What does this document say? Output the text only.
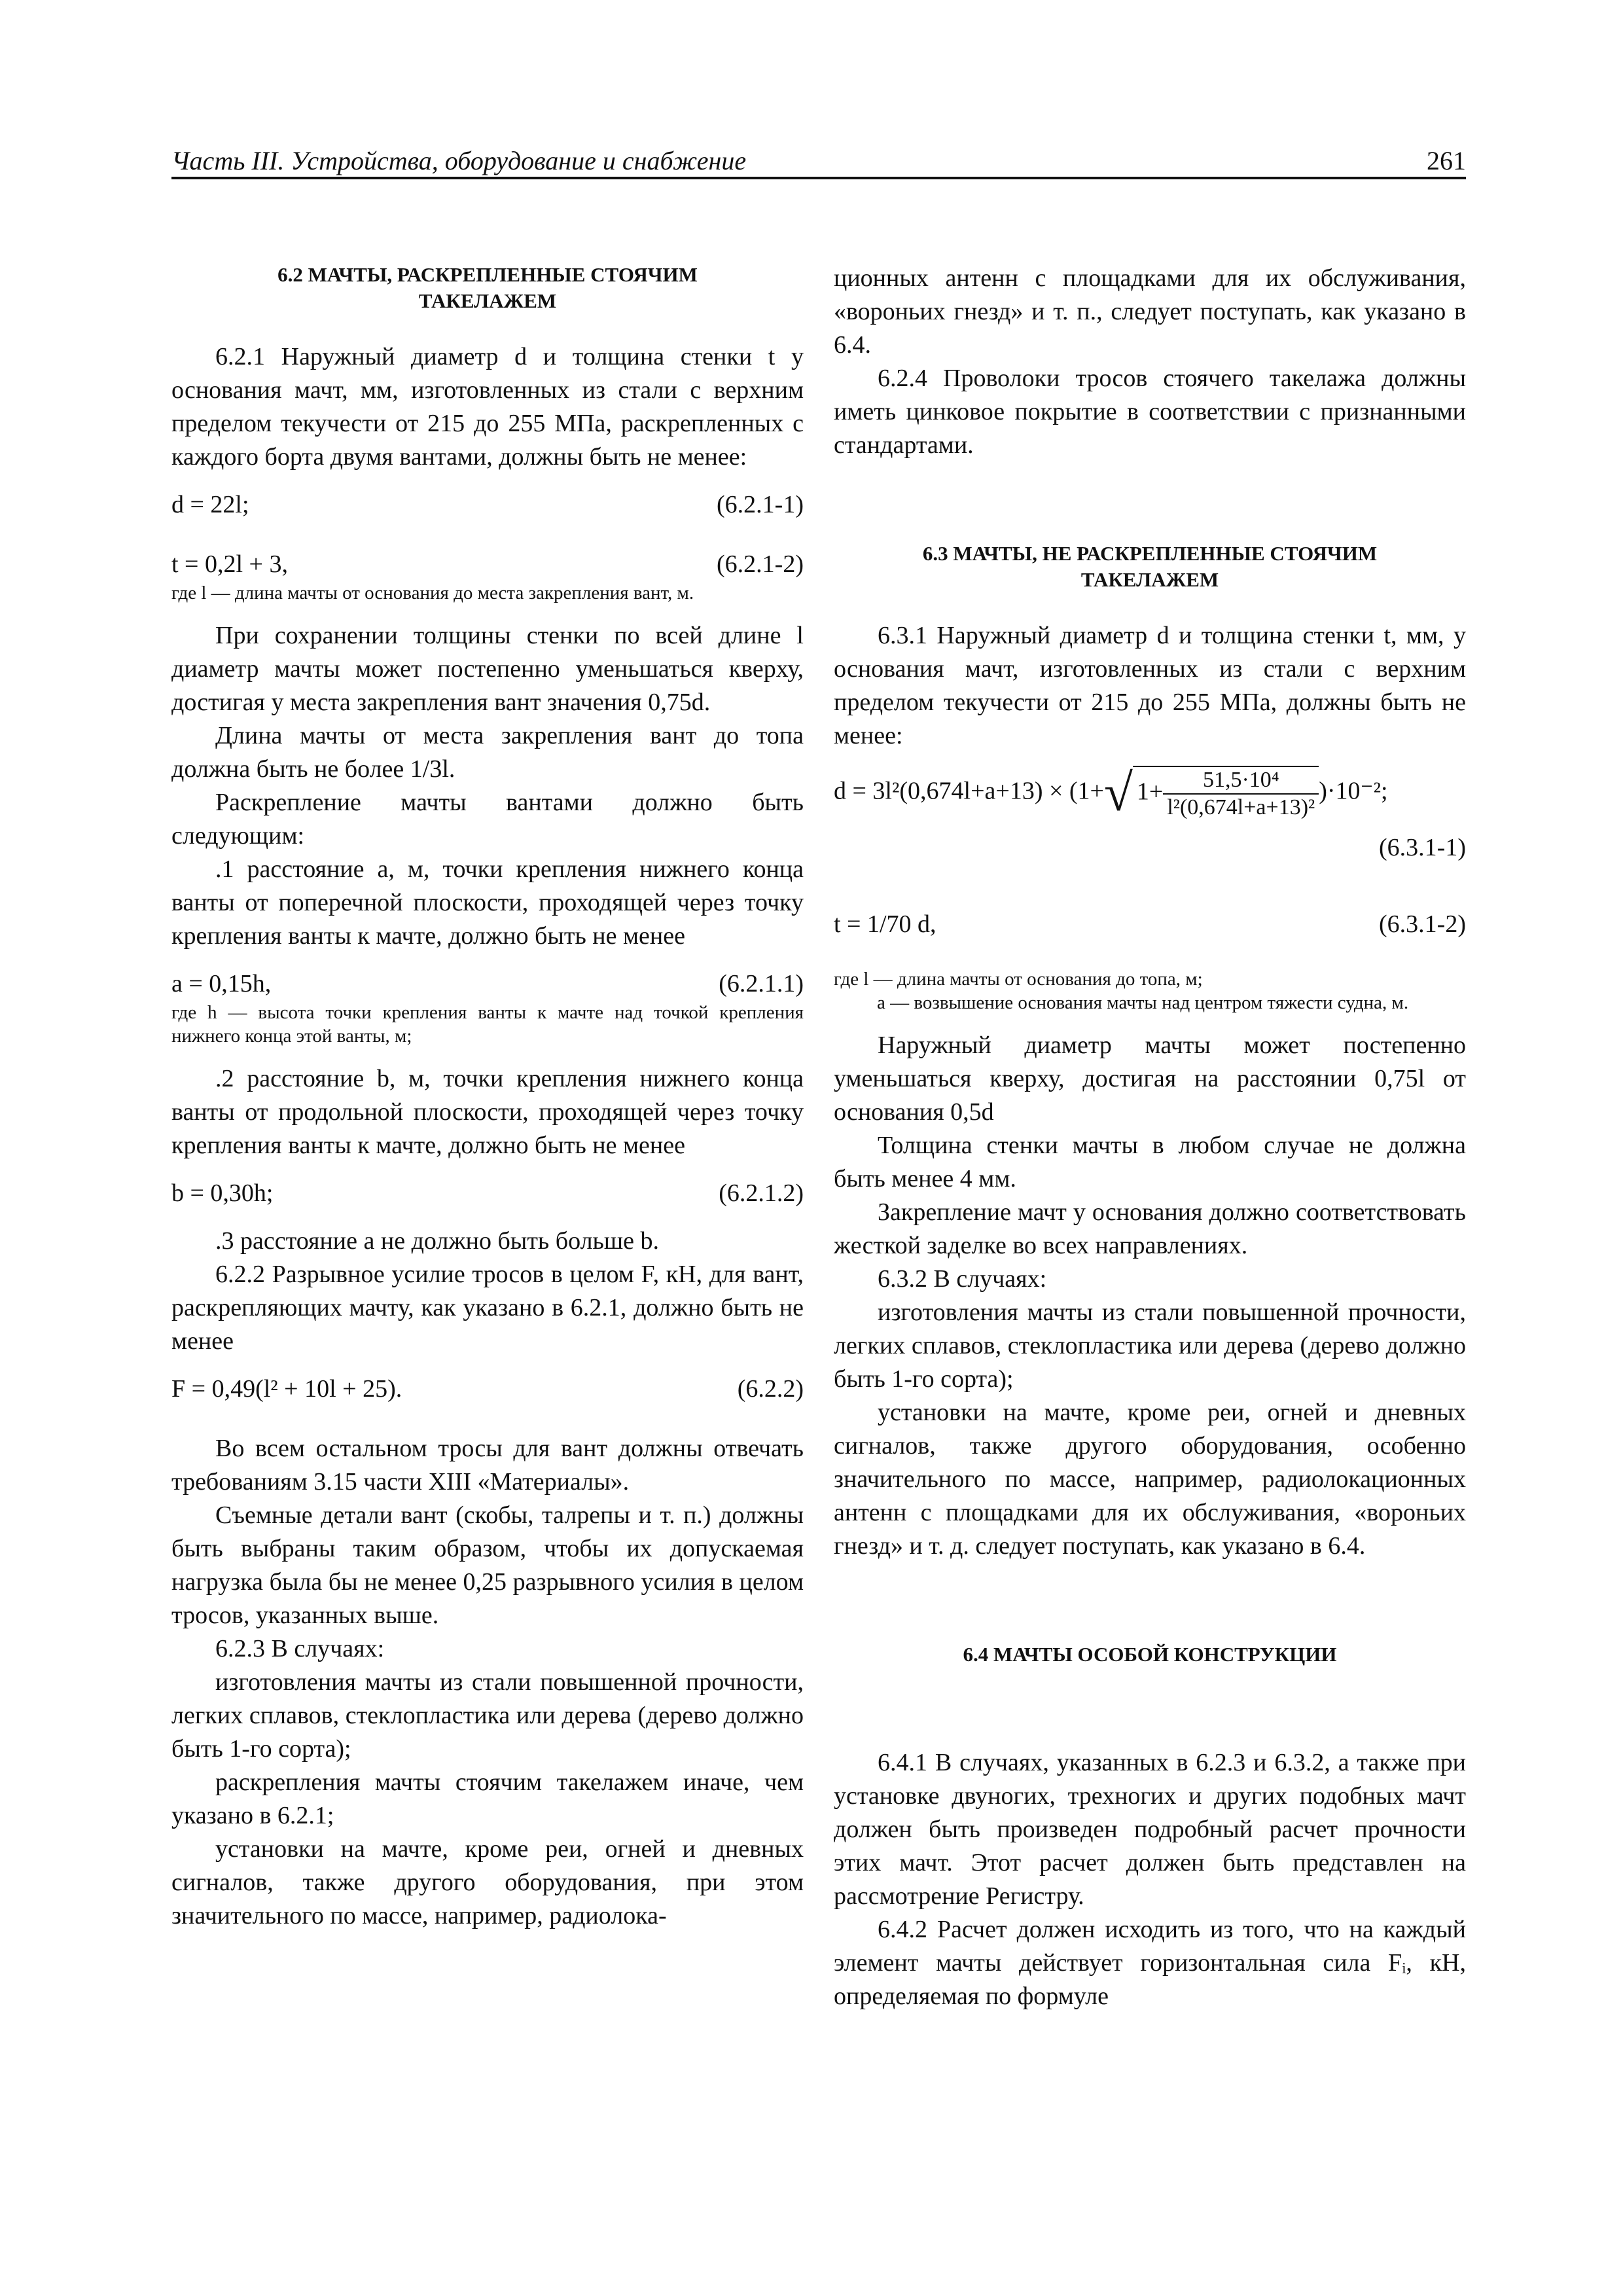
Часть III. Устройства, оборудование и снабжение	261
6.2 МАЧТЫ, РАСКРЕПЛЕННЫЕ СТОЯЧИМ ТАКЕЛАЖЕМ

6.2.1 Наружный диаметр d и толщина стенки t у основания мачт, мм, изготовленных из стали с верхним пределом текучести от 215 до 255 МПа, раскрепленных с каждого борта двумя вантами, должны быть не менее:

d = 22l;	(6.2.1-1)
t = 0,2l + 3,	(6.2.1-2)
где l — длина мачты от основания до места закрепления вант, м.

При сохранении толщины стенки по всей длине l диаметр мачты может постепенно уменьшаться кверху, достигая у места закрепления вант значения 0,75d.

Длина мачты от места закрепления вант до топа должна быть не более 1/3l.

Раскрепление мачты вантами должно быть следующим:

.1 расстояние a, м, точки крепления нижнего конца ванты от поперечной плоскости, проходящей через точку крепления ванты к мачте, должно быть не менее

a = 0,15h,	(6.2.1.1)
где h — высота точки крепления ванты к мачте над точкой крепления нижнего конца этой ванты, м;

.2 расстояние b, м, точки крепления нижнего конца ванты от продольной плоскости, проходящей через точку крепления ванты к мачте, должно быть не менее

b = 0,30h;	(6.2.1.2)

.3 расстояние a не должно быть больше b.

6.2.2 Разрывное усилие тросов в целом F, кН, для вант, раскрепляющих мачту, как указано в 6.2.1, должно быть не менее

F = 0,49(l² + 10l + 25).	(6.2.2)

Во всем остальном тросы для вант должны отвечать требованиям 3.15 части XIII «Материалы».

Съемные детали вант (скобы, талрепы и т. п.) должны быть выбраны таким образом, чтобы их допускаемая нагрузка была бы не менее 0,25 разрывного усилия в целом тросов, указанных выше.

6.2.3 В случаях:

изготовления мачты из стали повышенной прочности, легких сплавов, стеклопластика или дерева (дерево должно быть 1-го сорта);

раскрепления мачты стоячим такелажем иначе, чем указано в 6.2.1;

установки на мачте, кроме реи, огней и дневных сигналов, также другого оборудования, при этом значительного по массе, например, радиолока-

ционных антенн с площадками для их обслуживания, «вороньих гнезд» и т. п., следует поступать, как указано в 6.4.

6.2.4 Проволоки тросов стоячего такелажа должны иметь цинковое покрытие в соответствии с признанными стандартами.

6.3 МАЧТЫ, НЕ РАСКРЕПЛЕННЫЕ СТОЯЧИМ ТАКЕЛАЖЕМ

6.3.1 Наружный диаметр d и толщина стенки t, мм, у основания мачт, изготовленных из стали с верхним пределом текучести от 215 до 255 МПа, должны быть не менее:

d = 3l²(0,674l+a+13) × (1+√ $1+ \frac{\text{51,5·10⁴}}{\text{l²(0,674l+a+13)²}} )\cdot 10^{-2}$;
(6.3.1-1)
t = 1/70 d,	(6.3.1-2)
где l — длина мачты от основания до топа, м;
a — возвышение основания мачты над центром тяжести судна, м.

Наружный диаметр мачты может постепенно уменьшаться кверху, достигая на расстоянии 0,75l от основания 0,5d

Толщина стенки мачты в любом случае не должна быть менее 4 мм.

Закрепление мачт у основания должно соответствовать жесткой заделке во всех направлениях.

6.3.2 В случаях:

изготовления мачты из стали повышенной прочности, легких сплавов, стеклопластика или дерева (дерево должно быть 1-го сорта);

установки на мачте, кроме реи, огней и дневных сигналов, также другого оборудования, особенно значительного по массе, например, радиолокационных антенн с площадками для их обслуживания, «вороньих гнезд» и т. д. следует поступать, как указано в 6.4.

6.4 МАЧТЫ ОСОБОЙ КОНСТРУКЦИИ

6.4.1 В случаях, указанных в 6.2.3 и 6.3.2, а также при установке двуногих, трехногих и других подобных мачт должен быть произведен подробный расчет прочности этих мачт. Этот расчет должен быть представлен на рассмотрение Регистру.

6.4.2 Расчет должен исходить из того, что на каждый элемент мачты действует горизонтальная сила Fᵢ, кН, определяемая по формуле
